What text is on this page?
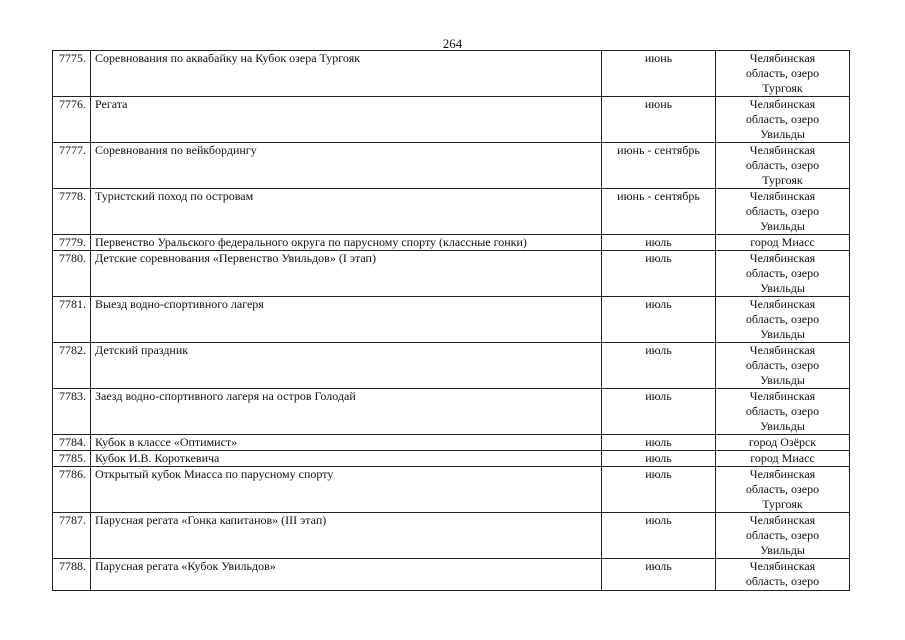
264
7775.	Соревнования по аквабайку на Кубок озера Тургояк	июнь	Челябинская
область, озеро
Тургояк

7776.	Регата	июнь	Челябинская
область, озеро
Увильды

7777.	Соревнования по вейкбордингу	июнь - сентябрь	Челябинская
область, озеро
Тургояк

7778.	Туристский поход по островам	июнь - сентябрь	Челябинская
область, озеро
Увильды

7779.	Первенство Уральского федерального округа по парусному спорту (классные гонки)	июль	город Миасс

7780.	Детские соревнования «Первенство Увильдов» (I этап)	июль	Челябинская
область, озеро
Увильды

7781.	Выезд водно-спортивного лагеря	июль	Челябинская
область, озеро
Увильды

7782.	Детский праздник	июль	Челябинская
область, озеро
Увильды

7783.	Заезд водно-спортивного лагеря на остров Голодай	июль	Челябинская
область, озеро
Увильды

7784.	Кубок в классе «Оптимист»	июль	город Озёрск

7785.	Кубок И.В. Короткевича	июль	город Миасс

7786.	Открытый кубок Миасса по парусному спорту	июль	Челябинская
область, озеро
Тургояк

7787.	Парусная регата «Гонка капитанов» (III этап)	июль	Челябинская
область, озеро
Увильды

7788.	Парусная регата «Кубок Увильдов»	июль	Челябинская
область, озеро
